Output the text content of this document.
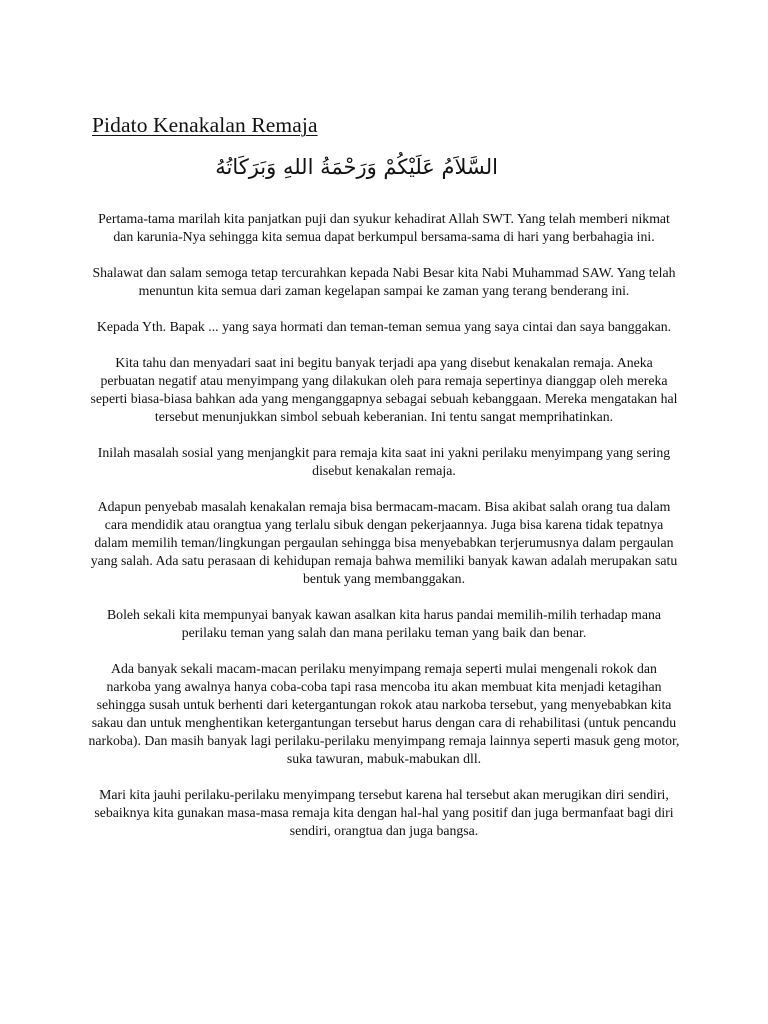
Pidato Kenakalan Remaja

السَّلاَمُ عَلَيْكُمْ وَرَحْمَةُ اللهِ وَبَرَكَاتُهُ

Pertama-tama marilah kita panjatkan puji dan syukur kehadirat Allah SWT. Yang telah memberi nikmat dan karunia-Nya sehingga kita semua dapat berkumpul bersama-sama di hari yang berbahagia ini.

Shalawat dan salam semoga tetap tercurahkan kepada Nabi Besar kita Nabi Muhammad SAW. Yang telah menuntun kita semua dari zaman kegelapan sampai ke zaman yang terang benderang ini.

Kepada Yth. Bapak ... yang saya hormati dan teman-teman semua yang saya cintai dan saya banggakan.

Kita tahu dan menyadari saat ini begitu banyak terjadi apa yang disebut kenakalan remaja. Aneka perbuatan negatif atau menyimpang yang dilakukan oleh para remaja sepertinya dianggap oleh mereka seperti biasa-biasa bahkan ada yang menganggapnya sebagai sebuah kebanggaan. Mereka mengatakan hal tersebut menunjukkan simbol sebuah keberanian. Ini tentu sangat memprihatinkan.

Inilah masalah sosial yang menjangkit para remaja kita saat ini yakni perilaku menyimpang yang sering disebut kenakalan remaja.

Adapun penyebab masalah kenakalan remaja bisa bermacam-macam. Bisa akibat salah orang tua dalam cara mendidik atau orangtua yang terlalu sibuk dengan pekerjaannya. Juga bisa karena tidak tepatnya dalam memilih teman/lingkungan pergaulan sehingga bisa menyebabkan terjerumusnya dalam pergaulan yang salah. Ada satu perasaan di kehidupan remaja bahwa memiliki banyak kawan adalah merupakan satu bentuk yang membanggakan.

Boleh sekali kita mempunyai banyak kawan asalkan kita harus pandai memilih-milih terhadap mana perilaku teman yang salah dan mana perilaku teman yang baik dan benar.

Ada banyak sekali macam-macan perilaku menyimpang remaja seperti mulai mengenali rokok dan narkoba yang awalnya hanya coba-coba tapi rasa mencoba itu akan membuat kita menjadi ketagihan sehingga susah untuk berhenti dari ketergantungan rokok atau narkoba tersebut, yang menyebabkan kita sakau dan untuk menghentikan ketergantungan tersebut harus dengan cara di rehabilitasi (untuk pencandu narkoba). Dan masih banyak lagi perilaku-perilaku menyimpang remaja lainnya seperti masuk geng motor, suka tawuran, mabuk-mabukan dll.

Mari kita jauhi perilaku-perilaku menyimpang tersebut karena hal tersebut akan merugikan diri sendiri, sebaiknya kita gunakan masa-masa remaja kita dengan hal-hal yang positif dan juga bermanfaat bagi diri sendiri, orangtua dan juga bangsa.
